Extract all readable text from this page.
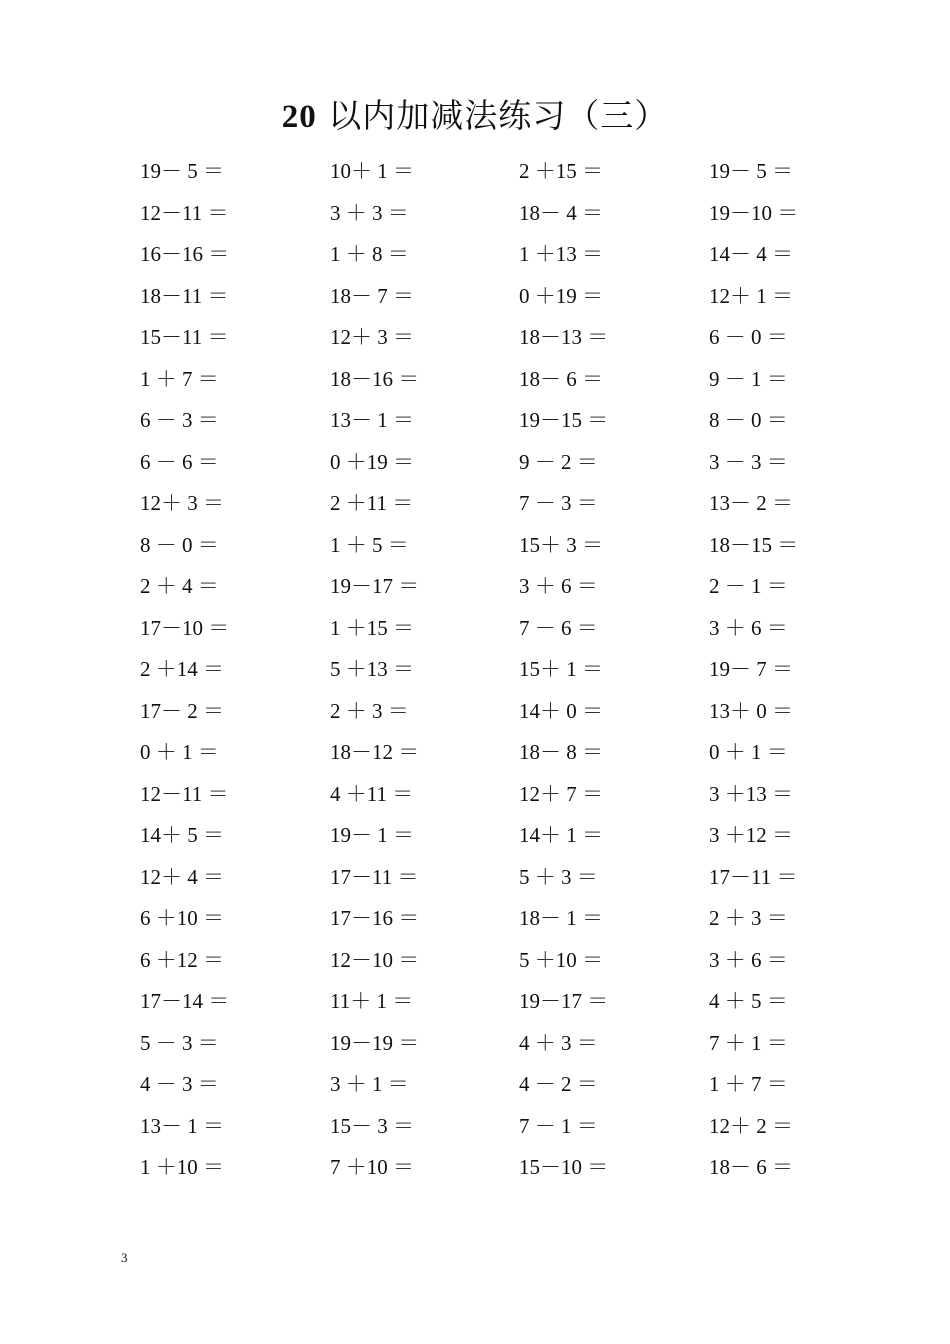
20 以内加减法练习（三）
19－ 5 ＝	10＋ 1 ＝	2 ＋15 ＝	19－ 5 ＝
12－11 ＝	3 ＋ 3 ＝	18－ 4 ＝	19－10 ＝
16－16 ＝	1 ＋ 8 ＝	1 ＋13 ＝	14－ 4 ＝
18－11 ＝	18－ 7 ＝	0 ＋19 ＝	12＋ 1 ＝
15－11 ＝	12＋ 3 ＝	18－13 ＝	6 － 0 ＝
1 ＋ 7 ＝	18－16 ＝	18－ 6 ＝	9 － 1 ＝
6 － 3 ＝	13－ 1 ＝	19－15 ＝	8 － 0 ＝
6 － 6 ＝	0 ＋19 ＝	9 － 2 ＝	3 － 3 ＝
12＋ 3 ＝	2 ＋11 ＝	7 － 3 ＝	13－ 2 ＝
8 － 0 ＝	1 ＋ 5 ＝	15＋ 3 ＝	18－15 ＝
2 ＋ 4 ＝	19－17 ＝	3 ＋ 6 ＝	2 － 1 ＝
17－10 ＝	1 ＋15 ＝	7 － 6 ＝	3 ＋ 6 ＝
2 ＋14 ＝	5 ＋13 ＝	15＋ 1 ＝	19－ 7 ＝
17－ 2 ＝	2 ＋ 3 ＝	14＋ 0 ＝	13＋ 0 ＝
0 ＋ 1 ＝	18－12 ＝	18－ 8 ＝	0 ＋ 1 ＝
12－11 ＝	4 ＋11 ＝	12＋ 7 ＝	3 ＋13 ＝
14＋ 5 ＝	19－ 1 ＝	14＋ 1 ＝	3 ＋12 ＝
12＋ 4 ＝	17－11 ＝	5 ＋ 3 ＝	17－11 ＝
6 ＋10 ＝	17－16 ＝	18－ 1 ＝	2 ＋ 3 ＝
6 ＋12 ＝	12－10 ＝	5 ＋10 ＝	3 ＋ 6 ＝
17－14 ＝	11＋ 1 ＝	19－17 ＝	4 ＋ 5 ＝
5 － 3 ＝	19－19 ＝	4 ＋ 3 ＝	7 ＋ 1 ＝
4 － 3 ＝	3 ＋ 1 ＝	4 － 2 ＝	1 ＋ 7 ＝
13－ 1 ＝	15－ 3 ＝	7 － 1 ＝	12＋ 2 ＝
1 ＋10 ＝	7 ＋10 ＝	15－10 ＝	18－ 6 ＝
3
